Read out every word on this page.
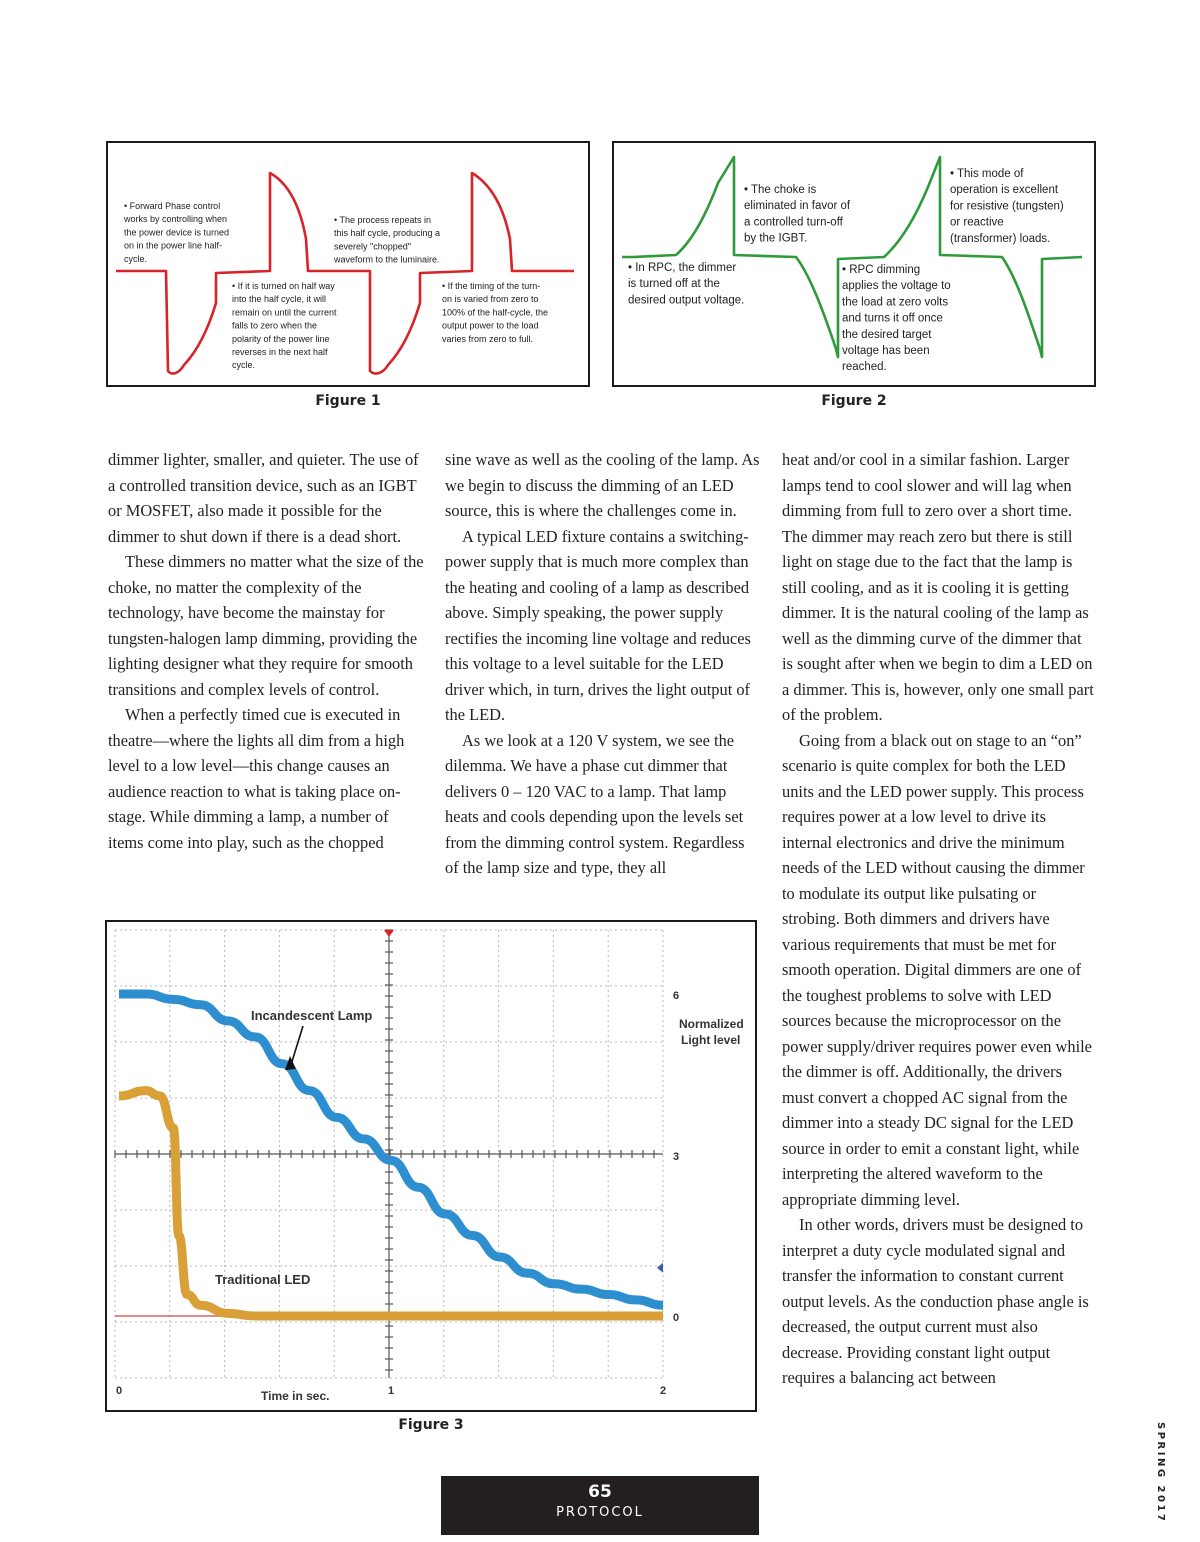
• Forward Phase control
works by controlling when
the power device is turned
on in the power line half-
cycle.
• If it is turned on half way
into the half cycle, it will
remain on until the current
falls to zero when the
polarity of the power line
reverses in the next half
cycle.
• The process repeats in
this half cycle, producing a
severely "chopped"
waveform to the luminaire.
• If the timing of the turn-
on is varied from zero to
100% of the half-cycle, the
output power to the load
varies from zero to full.
Figure 1
• In RPC, the dimmer
is turned off at the
desired output voltage.
• The choke is
eliminated in favor of
a controlled turn-off
by the IGBT.
• RPC dimming
applies the voltage to
the load at zero volts
and turns it off once
the desired target
voltage has been
reached.
• This mode of
operation is excellent
for resistive (tungsten)
or reactive
(transformer) loads.
Figure 2

dimmer lighter, smaller, and quieter. The use of a controlled transition device, such as an IGBT or MOSFET, also made it possible for the dimmer to shut down if there is a dead short.

These dimmers no matter what the size of the choke, no matter the complexity of the technology, have become the mainstay for tungsten-halogen lamp dimming, providing the lighting designer what they require for smooth transitions and complex levels of control.

When a perfectly timed cue is executed in theatre—where the lights all dim from a high level to a low level—this change causes an audience reaction to what is taking place on-stage. While dimming a lamp, a number of items come into play, such as the chopped

sine wave as well as the cooling of the lamp. As we begin to discuss the dimming of an LED source, this is where the challenges come in.

A typical LED fixture contains a switching-power supply that is much more complex than the heating and cooling of a lamp as described above. Simply speaking, the power supply rectifies the incoming line voltage and reduces this voltage to a level suitable for the LED driver which, in turn, drives the light output of the LED.

As we look at a 120 V system, we see the dilemma. We have a phase cut dimmer that delivers 0 – 120 VAC to a lamp. That lamp heats and cools depending upon the levels set from the dimming control system. Regardless of the lamp size and type, they all

heat and/or cool in a similar fashion. Larger lamps tend to cool slower and will lag when dimming from full to zero over a short time. The dimmer may reach zero but there is still light on stage due to the fact that the lamp is still cooling, and as it is cooling it is getting dimmer. It is the natural cooling of the lamp as well as the dimming curve of the dimmer that is sought after when we begin to dim a LED on a dimmer. This is, however, only one small part of the problem.

Going from a black out on stage to an “on” scenario is quite complex for both the LED units and the LED power supply. This process requires power at a low level to drive its internal electronics and drive the minimum needs of the LED without causing the dimmer to modulate its output like pulsating or strobing. Both dimmers and drivers have various requirements that must be met for smooth operation. Digital dimmers are one of the toughest problems to solve with LED sources because the microprocessor on the power supply/driver requires power even while the dimmer is off. Additionally, the drivers must convert a chopped AC signal from the dimmer into a steady DC signal for the LED source in order to emit a constant light, while interpreting the altered waveform to the appropriate dimming level.

In other words, drivers must be designed to interpret a duty cycle modulated signal and transfer the information to constant current output levels. As the conduction phase angle is decreased, the output current must also decrease. Providing constant light output requires a balancing act between

Incandescent Lamp
Traditional LED
Normalized
Light level
Time in sec.
0
3
6
0	1	2
Figure 3
65
PROTOCOL	SPRING 2017
